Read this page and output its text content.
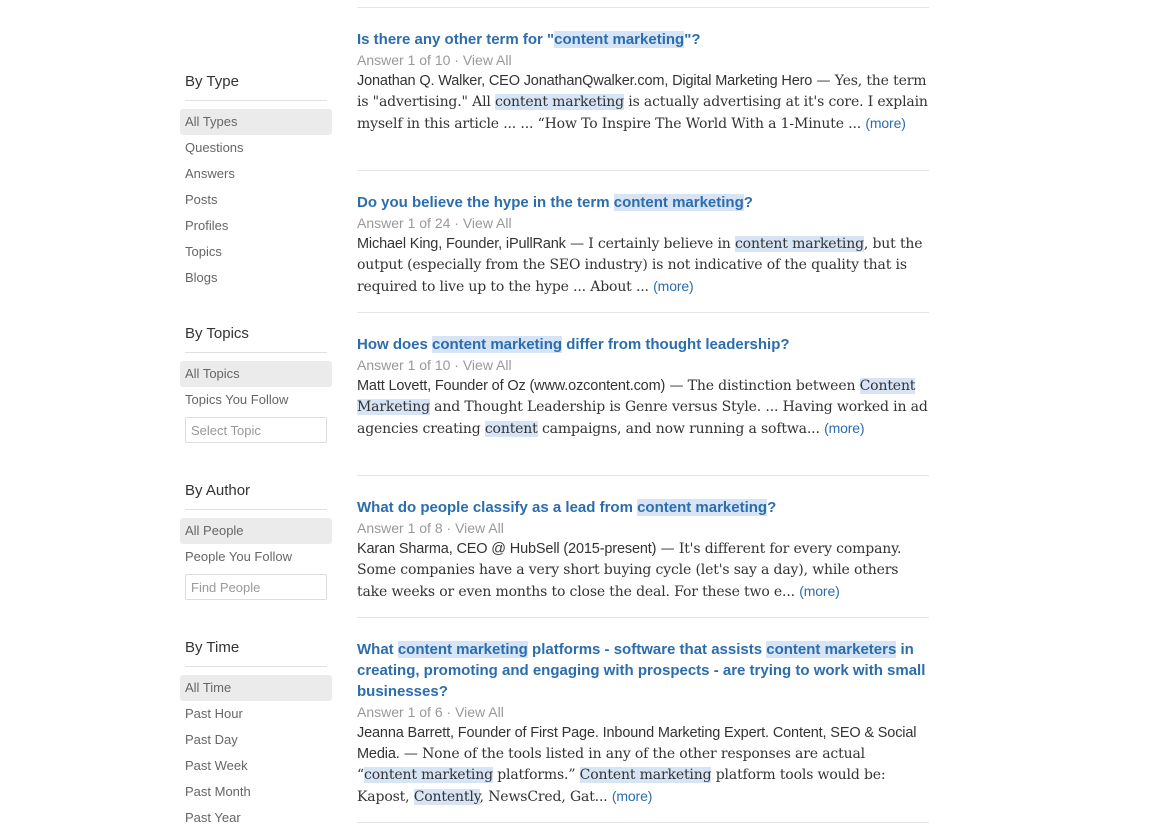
By Type
All Types
Questions
Answers
Posts
Profiles
Topics
Blogs
By Topics
All Topics
Topics You Follow
Select Topic
By Author
All People
People You Follow
Find People
By Time
All Time
Past Hour
Past Day
Past Week
Past Month
Past Year
Is there any other term for "content marketing"?
Answer 1 of 10 · View All
Jonathan Q. Walker, CEO JonathanQwalker.com, Digital Marketing Hero — Yes, the term is "advertising." All content marketing is actually advertising at it's core. I explain myself in this article ... ... “How To Inspire The World With a 1-Minute ... (more)
Do you believe the hype in the term content marketing?
Answer 1 of 24 · View All
Michael King, Founder, iPullRank — I certainly believe in content marketing, but the output (especially from the SEO industry) is not indicative of the quality that is required to live up to the hype ... About ... (more)
How does content marketing differ from thought leadership?
Answer 1 of 10 · View All
Matt Lovett, Founder of Oz (www.ozcontent.com) — The distinction between Content Marketing and Thought Leadership is Genre versus Style. ... Having worked in ad agencies creating content campaigns, and now running a softwa... (more)
What do people classify as a lead from content marketing?
Answer 1 of 8 · View All
Karan Sharma, CEO @ HubSell (2015-present) — It's different for every company. Some companies have a very short buying cycle (let's say a day), while others take weeks or even months to close the deal. For these two e... (more)
What content marketing platforms - software that assists content marketers in creating, promoting and engaging with prospects - are trying to work with small businesses?
Answer 1 of 6 · View All
Jeanna Barrett, Founder of First Page. Inbound Marketing Expert. Content, SEO & Social Media. — None of the tools listed in any of the other responses are actual “content marketing platforms.” Content marketing platform tools would be: Kapost, Contently, NewsCred, Gat... (more)
